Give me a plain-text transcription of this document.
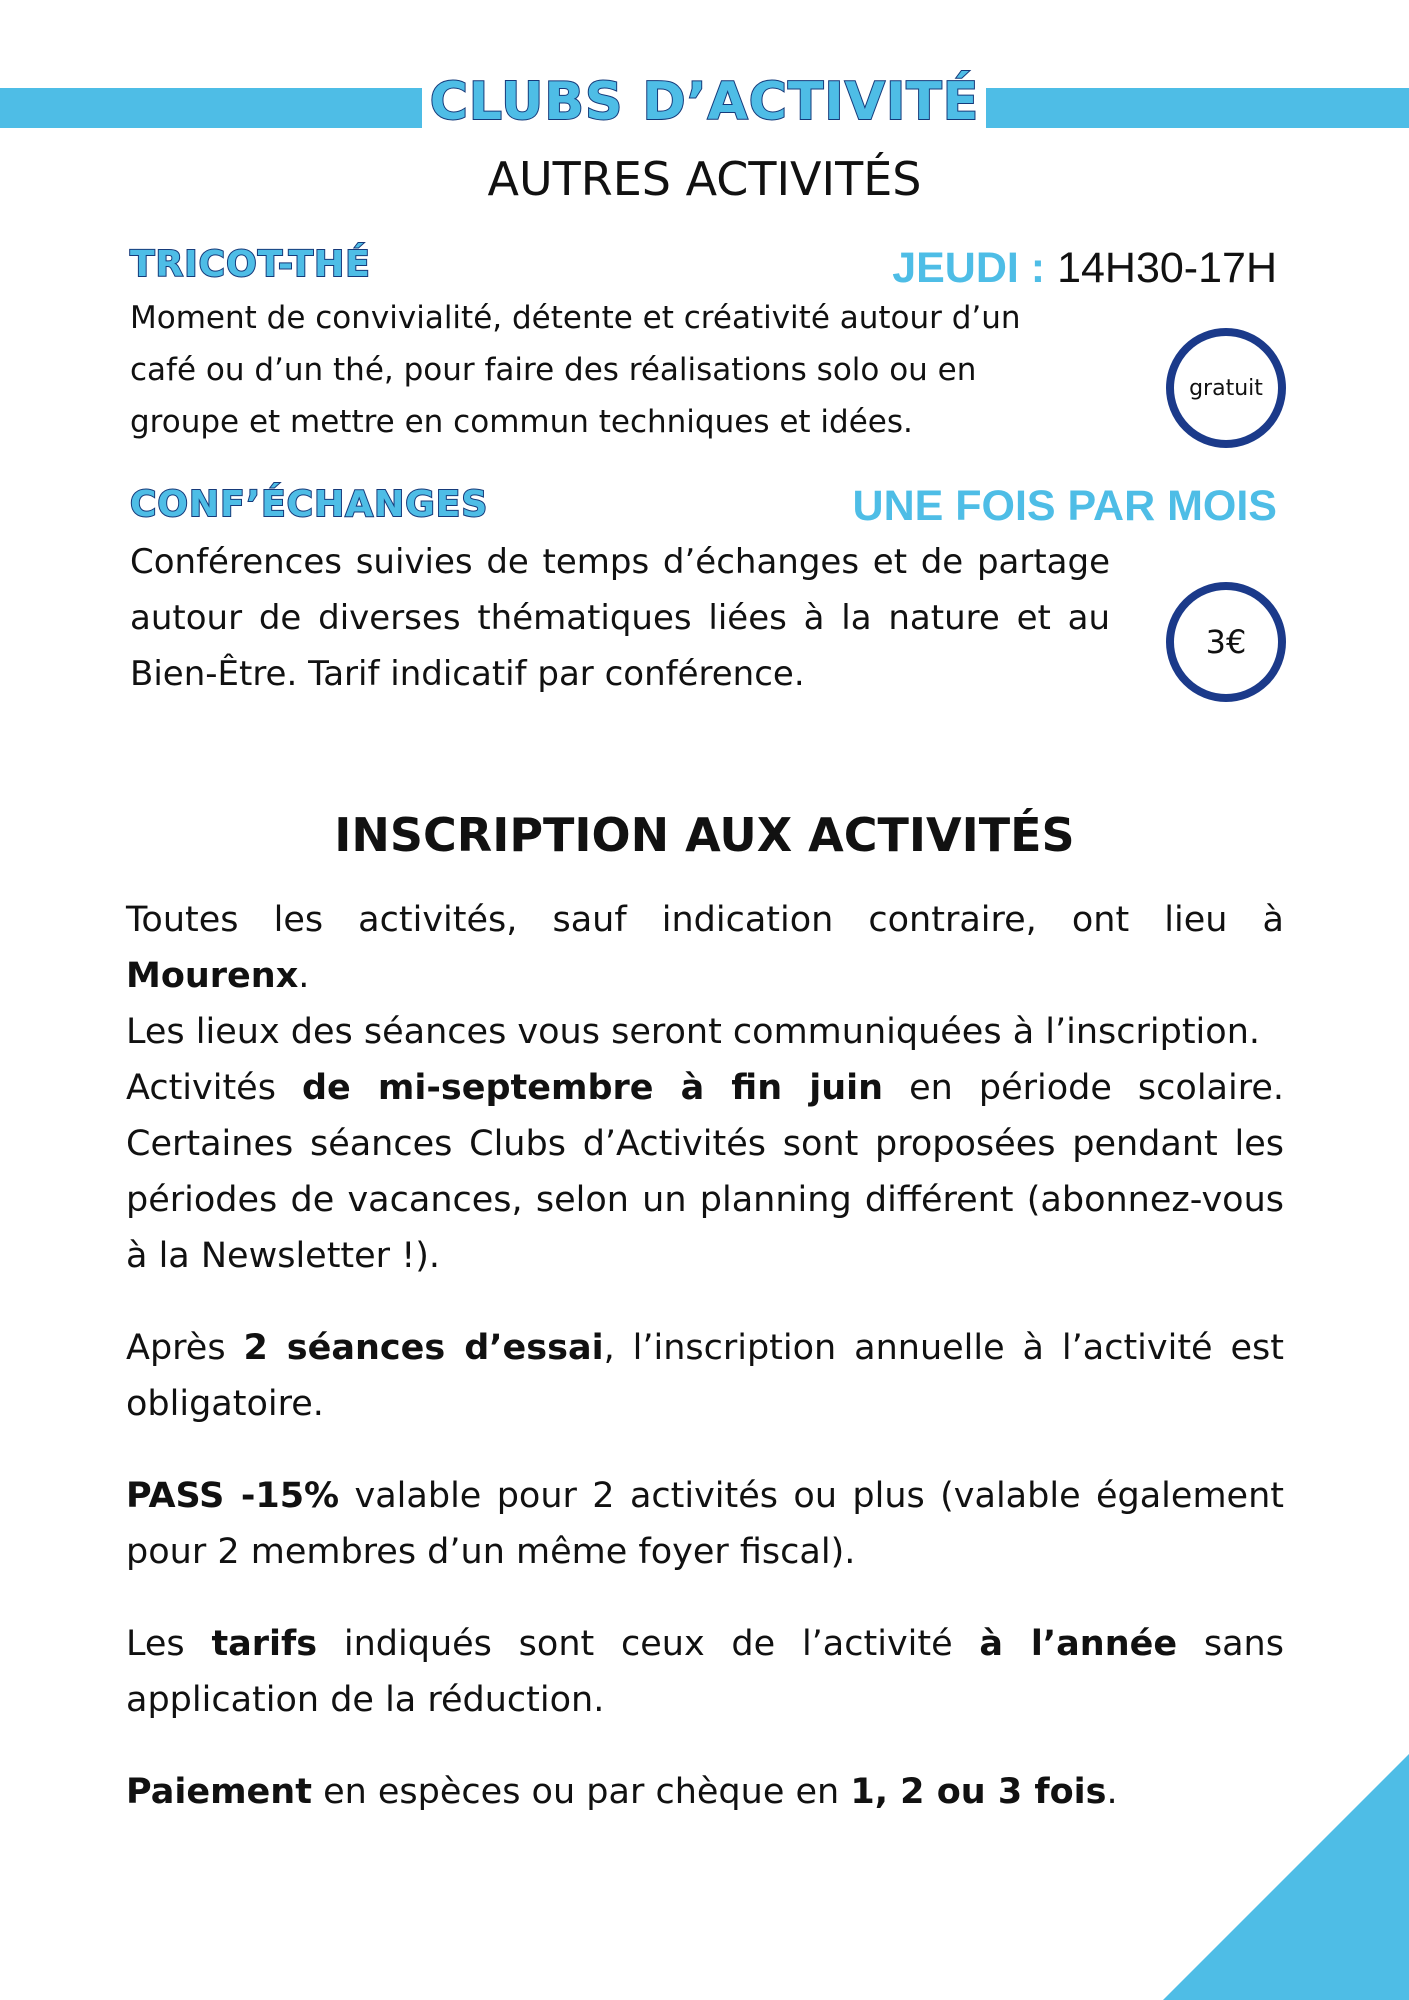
CLUBS D’ACTIVITÉ
AUTRES ACTIVITÉS
TRICOT-THÉ	JEUDI : 14H30-17H
Moment de convivialité, détente et créativité autour d’un café ou d’un thé, pour faire des réalisations solo ou en groupe et mettre en commun techniques et idées.
gratuit
CONF’ÉCHANGES	UNE FOIS PAR MOIS
Conférences suivies de temps d’échanges et de partage autour de diverses thématiques liées à la nature et au Bien-Être. Tarif indicatif par conférence.
3€
INSCRIPTION AUX ACTIVITÉS
Toutes les activités, sauf indication contraire, ont lieu à Mourenx.
Les lieux des séances vous seront communiquées à l’inscription.
Activités de mi-septembre à fin juin en période scolaire. Certaines séances Clubs d’Activités sont proposées pendant les périodes de vacances, selon un planning différent (abonnez-vous à la Newsletter !).
Après 2 séances d’essai, l’inscription annuelle à l’activité est obligatoire.
PASS -15% valable pour 2 activités ou plus (valable également pour 2 membres d’un même foyer fiscal).
Les tarifs indiqués sont ceux de l’activité à l’année sans application de la réduction.
Paiement en espèces ou par chèque en 1, 2 ou 3 fois.
